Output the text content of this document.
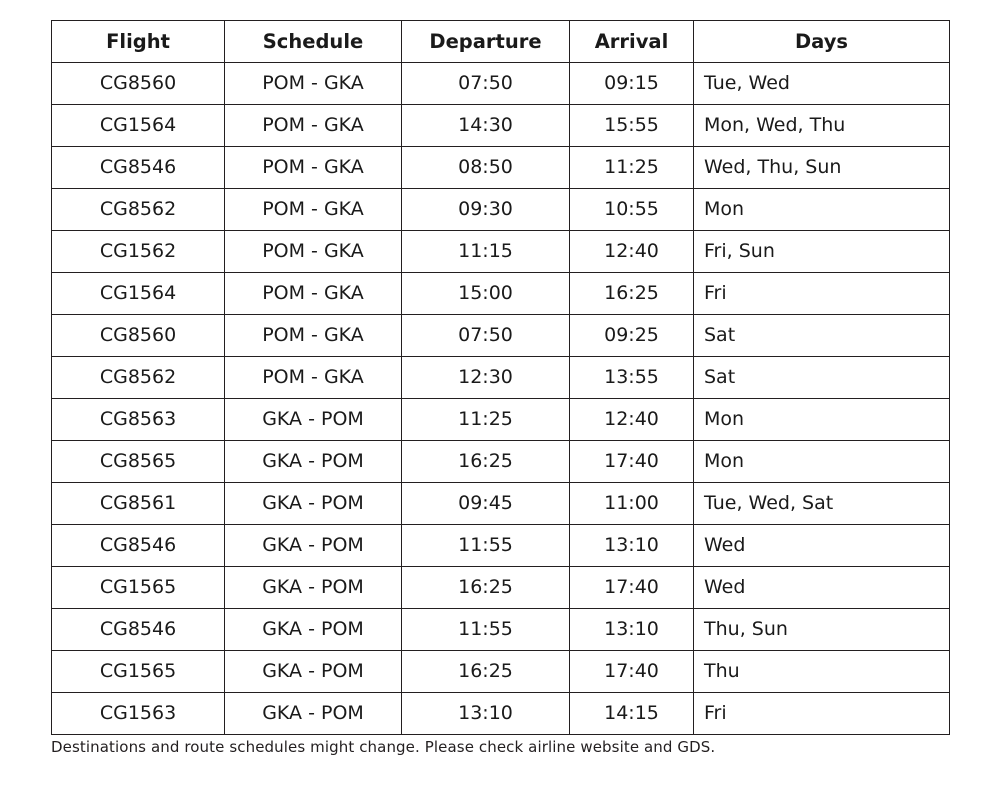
Flight	Schedule	Departure	Arrival	Days
CG8560	POM - GKA	07:50	09:15	Tue, Wed
CG1564	POM - GKA	14:30	15:55	Mon, Wed, Thu
CG8546	POM - GKA	08:50	11:25	Wed, Thu, Sun
CG8562	POM - GKA	09:30	10:55	Mon
CG1562	POM - GKA	11:15	12:40	Fri, Sun
CG1564	POM - GKA	15:00	16:25	Fri
CG8560	POM - GKA	07:50	09:25	Sat
CG8562	POM - GKA	12:30	13:55	Sat
CG8563	GKA - POM	11:25	12:40	Mon
CG8565	GKA - POM	16:25	17:40	Mon
CG8561	GKA - POM	09:45	11:00	Tue, Wed, Sat
CG8546	GKA - POM	11:55	13:10	Wed
CG1565	GKA - POM	16:25	17:40	Wed
CG8546	GKA - POM	11:55	13:10	Thu, Sun
CG1565	GKA - POM	16:25	17:40	Thu
CG1563	GKA - POM	13:10	14:15	Fri
Destinations and route schedules might change. Please check airline website and GDS.
